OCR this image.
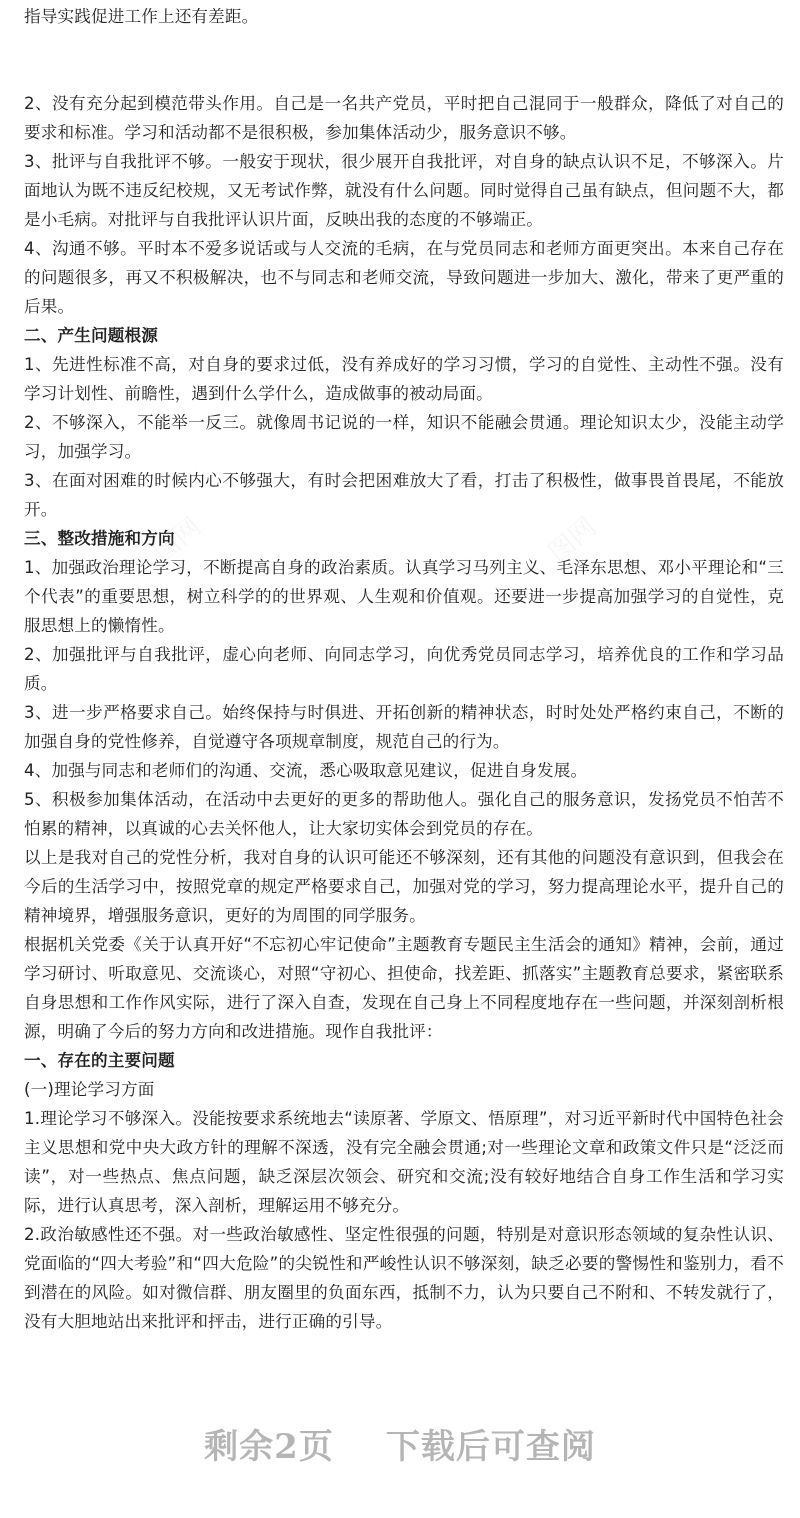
指导实践促进工作上还有差距。

2、没有充分起到模范带头作用。自己是一名共产党员，平时把自己混同于一般群众，降低了对自己的要求和标准。学习和活动都不是很积极，参加集体活动少，服务意识不够。

3、批评与自我批评不够。一般安于现状，很少展开自我批评，对自身的缺点认识不足，不够深入。片面地认为既不违反纪校规，又无考试作弊，就没有什么问题。同时觉得自己虽有缺点，但问题不大，都是小毛病。对批评与自我批评认识片面，反映出我的态度的不够端正。

4、沟通不够。平时本不爱多说话或与人交流的毛病，在与党员同志和老师方面更突出。本来自己存在的问题很多，再又不积极解决，也不与同志和老师交流，导致问题进一步加大、激化，带来了更严重的后果。

二、产生问题根源

1、先进性标准不高，对自身的要求过低，没有养成好的学习习惯，学习的自觉性、主动性不强。没有学习计划性、前瞻性，遇到什么学什么，造成做事的被动局面。

2、不够深入，不能举一反三。就像周书记说的一样，知识不能融会贯通。理论知识太少，没能主动学习，加强学习。

3、在面对困难的时候内心不够强大，有时会把困难放大了看，打击了积极性，做事畏首畏尾，不能放开。

三、整改措施和方向

1、加强政治理论学习，不断提高自身的政治素质。认真学习马列主义、毛泽东思想、邓小平理论和“三个代表”的重要思想，树立科学的的世界观、人生观和价值观。还要进一步提高加强学习的自觉性，克服思想上的懒惰性。

2、加强批评与自我批评，虚心向老师、向同志学习，向优秀党员同志学习，培养优良的工作和学习品质。

3、进一步严格要求自己。始终保持与时俱进、开拓创新的精神状态，时时处处严格约束自己，不断的加强自身的党性修养，自觉遵守各项规章制度，规范自己的行为。

4、加强与同志和老师们的沟通、交流，悉心吸取意见建议，促进自身发展。

5、积极参加集体活动，在活动中去更好的更多的帮助他人。强化自己的服务意识，发扬党员不怕苦不怕累的精神，以真诚的心去关怀他人，让大家切实体会到党员的存在。

以上是我对自己的党性分析，我对自身的认识可能还不够深刻，还有其他的问题没有意识到，但我会在今后的生活学习中，按照党章的规定严格要求自己，加强对党的学习，努力提高理论水平，提升自己的精神境界，增强服务意识，更好的为周围的同学服务。

根据机关党委《关于认真开好“不忘初心牢记使命”主题教育专题民主生活会的通知》精神，会前，通过学习研讨、听取意见、交流谈心，对照“守初心、担使命，找差距、抓落实”主题教育总要求，紧密联系自身思想和工作作风实际，进行了深入自查，发现在自己身上不同程度地存在一些问题，并深刻剖析根源，明确了今后的努力方向和改进措施。现作自我批评：

一、存在的主要问题

(一)理论学习方面

1.理论学习不够深入。没能按要求系统地去“读原著、学原文、悟原理”，对习近平新时代中国特色社会主义思想和党中央大政方针的理解不深透，没有完全融会贯通;对一些理论文章和政策文件只是“泛泛而读”，对一些热点、焦点问题，缺乏深层次领会、研究和交流;没有较好地结合自身工作生活和学习实际，进行认真思考，深入剖析，理解运用不够充分。

2.政治敏感性还不强。对一些政治敏感性、坚定性很强的问题，特别是对意识形态领域的复杂性认识、党面临的“四大考验”和“四大危险”的尖锐性和严峻性认识不够深刻，缺乏必要的警惕性和鉴别力，看不到潜在的风险。如对微信群、朋友圈里的负面东西，抵制不力，认为只要自己不附和、不转发就行了，没有大胆地站出来批评和抨击，进行正确的引导。

图网	图网
剩余2页 下载后可查阅
